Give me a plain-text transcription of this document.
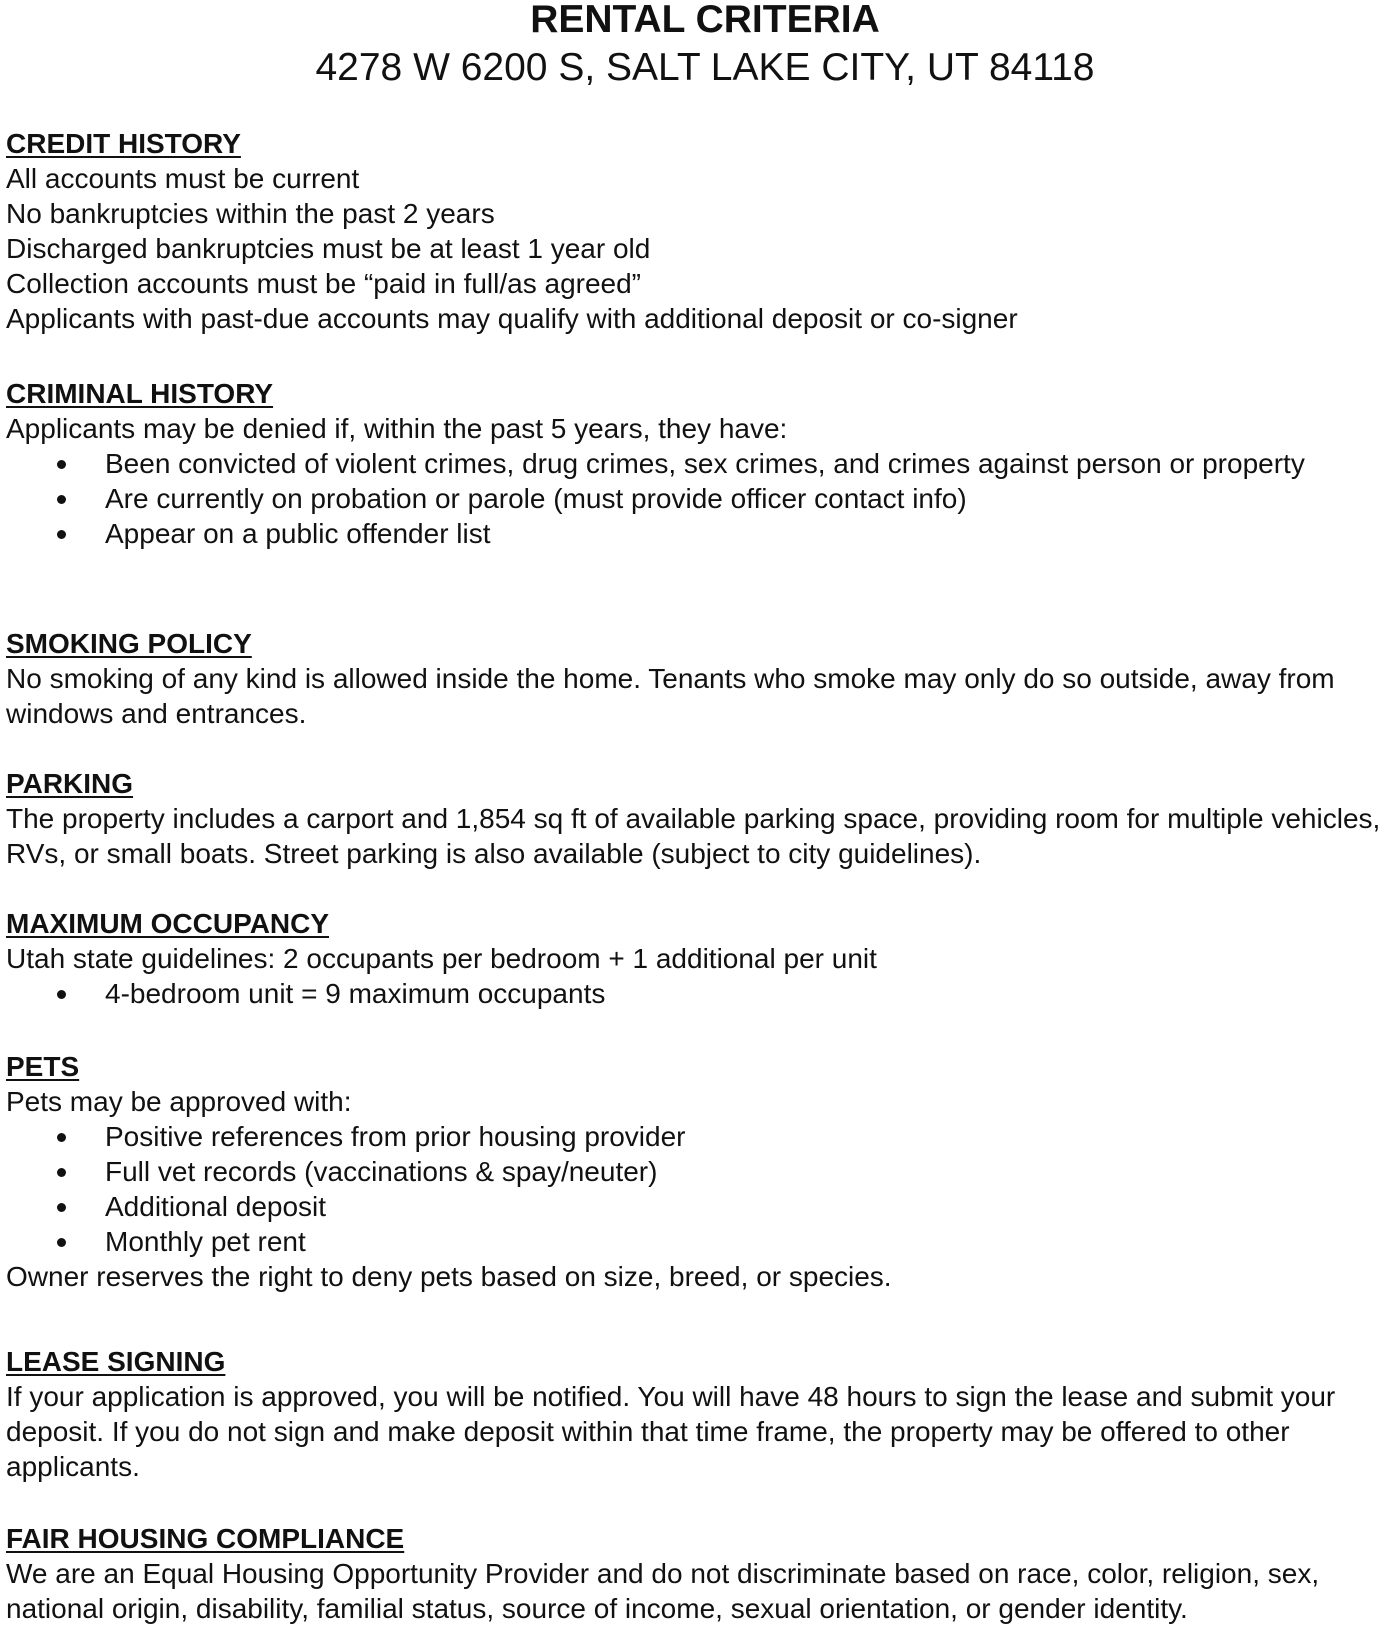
RENTAL CRITERIA
4278 W 6200 S, SALT LAKE CITY, UT 84118

CREDIT HISTORY

All accounts must be current

No bankruptcies within the past 2 years

Discharged bankruptcies must be at least 1 year old

Collection accounts must be “paid in full/as agreed”

Applicants with past-due accounts may qualify with additional deposit or co-signer

CRIMINAL HISTORY

Applicants may be denied if, within the past 5 years, they have:

Been convicted of violent crimes, drug crimes, sex crimes, and crimes against person or property
Are currently on probation or parole (must provide officer contact info)
Appear on a public offender list

SMOKING POLICY

No smoking of any kind is allowed inside the home. Tenants who smoke may only do so outside, away from windows and entrances.

PARKING

The property includes a carport and 1,854 sq ft of available parking space, providing room for multiple vehicles, RVs, or small boats. Street parking is also available (subject to city guidelines).

MAXIMUM OCCUPANCY

Utah state guidelines: 2 occupants per bedroom + 1 additional per unit

4-bedroom unit = 9 maximum occupants

PETS

Pets may be approved with:

Positive references from prior housing provider
Full vet records (vaccinations & spay/neuter)
Additional deposit
Monthly pet rent

Owner reserves the right to deny pets based on size, breed, or species.

LEASE SIGNING

If your application is approved, you will be notified. You will have 48 hours to sign the lease and submit your deposit. If you do not sign and make deposit within that time frame, the property may be offered to other applicants.

FAIR HOUSING COMPLIANCE

We are an Equal Housing Opportunity Provider and do not discriminate based on race, color, religion, sex, national origin, disability, familial status, source of income, sexual orientation, or gender identity.
